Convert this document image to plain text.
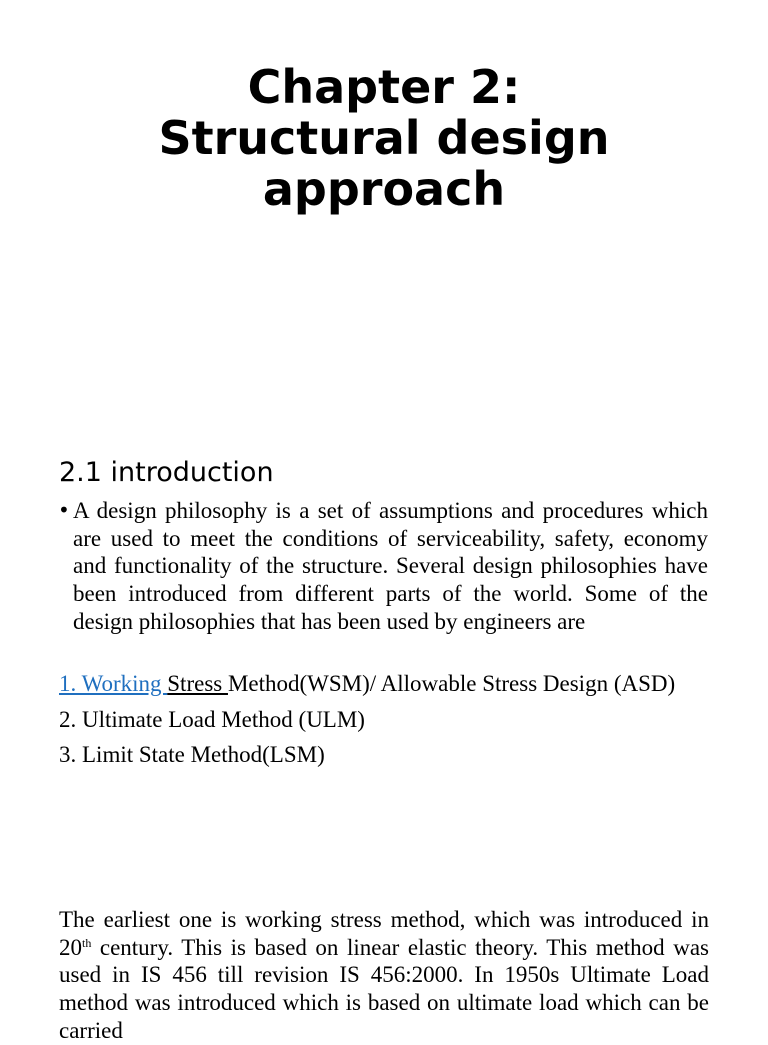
Chapter 2:
Structural design
approach
2.1 introduction
• A design philosophy is a set of assumptions and procedures which are used to meet the conditions of serviceability, safety, economy and functionality of the structure. Several design philosophies have been introduced from different parts of the world. Some of the design philosophies that has been used by engineers are
1. Working Stress Method(WSM)/ Allowable Stress Design (ASD)
2. Ultimate Load Method (ULM)
3. Limit State Method(LSM)
The earliest one is working stress method, which was introduced in 20th century. This is based on linear elastic theory. This method was used in IS 456 till revision IS 456:2000. In 1950s Ultimate Load method was introduced which is based on ultimate load which can be carried
